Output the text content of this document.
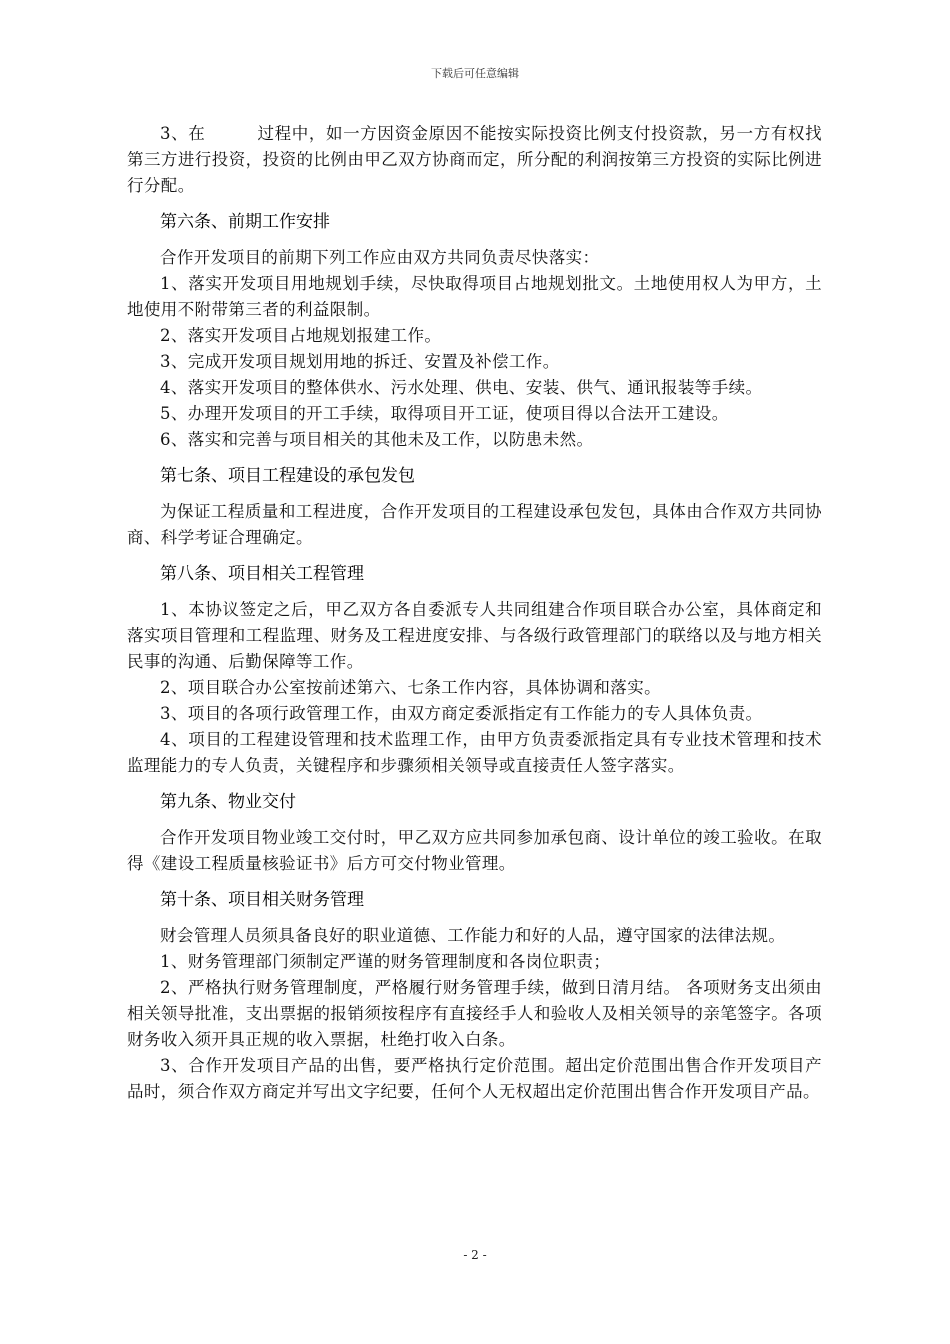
下载后可任意编辑

3、在	过程中，如一方因资金原因不能按实际投资比例支付投资款，另一方有权找第三方进行投资，投资的比例由甲乙双方协商而定，所分配的利润按第三方投资的实际比例进行分配。

第六条、前期工作安排

合作开发项目的前期下列工作应由双方共同负责尽快落实：

1、落实开发项目用地规划手续，尽快取得项目占地规划批文。土地使用权人为甲方，土地使用不附带第三者的利益限制。

2、落实开发项目占地规划报建工作。

3、完成开发项目规划用地的拆迁、安置及补偿工作。

4、落实开发项目的整体供水、污水处理、供电、安装、供气、通讯报装等手续。

5、办理开发项目的开工手续，取得项目开工证，使项目得以合法开工建设。

6、落实和完善与项目相关的其他未及工作，以防患未然。

第七条、项目工程建设的承包发包

为保证工程质量和工程进度，合作开发项目的工程建设承包发包，具体由合作双方共同协商、科学考证合理确定。

第八条、项目相关工程管理

1、本协议签定之后，甲乙双方各自委派专人共同组建合作项目联合办公室，具体商定和落实项目管理和工程监理、财务及工程进度安排、与各级行政管理部门的联络以及与地方相关民事的沟通、后勤保障等工作。

2、项目联合办公室按前述第六、七条工作内容，具体协调和落实。

3、项目的各项行政管理工作，由双方商定委派指定有工作能力的专人具体负责。

4、项目的工程建设管理和技术监理工作，由甲方负责委派指定具有专业技术管理和技术监理能力的专人负责，关键程序和步骤须相关领导或直接责任人签字落实。

第九条、物业交付

合作开发项目物业竣工交付时，甲乙双方应共同参加承包商、设计单位的竣工验收。在取得《建设工程质量核验证书》后方可交付物业管理。

第十条、项目相关财务管理

财会管理人员须具备良好的职业道德、工作能力和好的人品，遵守国家的法律法规。

1、财务管理部门须制定严谨的财务管理制度和各岗位职责；

2、严格执行财务管理制度，严格履行财务管理手续，做到日清月结。 各项财务支出须由相关领导批准，支出票据的报销须按程序有直接经手人和验收人及相关领导的亲笔签字。各项财务收入须开具正规的收入票据，杜绝打收入白条。

3、合作开发项目产品的出售，要严格执行定价范围。超出定价范围出售合作开发项目产品时，须合作双方商定并写出文字纪要，任何个人无权超出定价范围出售合作开发项目产品。

- 2 -
